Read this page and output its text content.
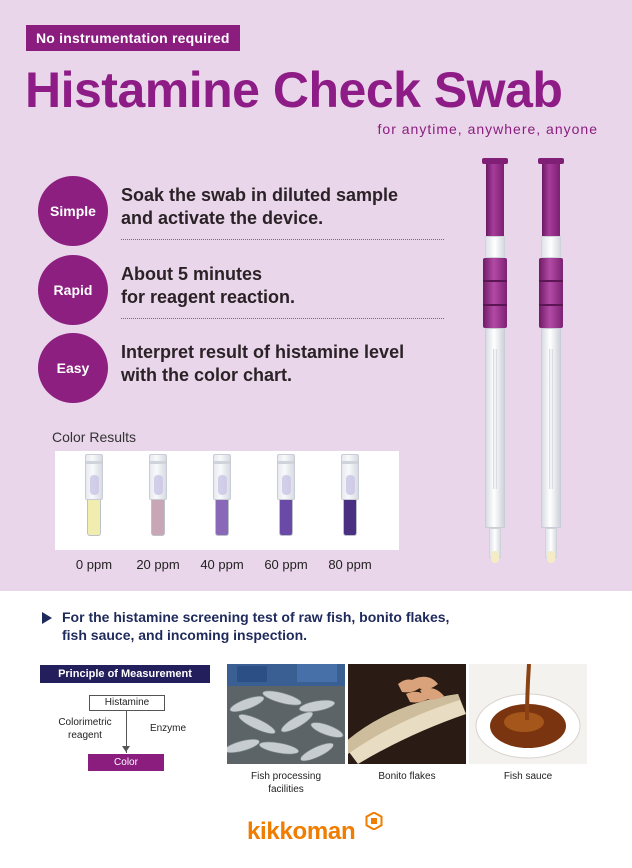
No instrumentation required
Histamine Check Swab
for anytime, anywhere, anyone
Simple
Soak the swab in diluted sample
and activate the device.
Rapid
About 5 minutes
for reagent reaction.
Easy
Interpret result of histamine level
with the color chart.
Color Results
0 ppm	20 ppm	40 ppm	60 ppm	80 ppm
For the histamine screening test of raw fish, bonito flakes,
fish sauce, and incoming inspection.
Principle of Measurement
Histamine
Colorimetric
reagent
Enzyme
Color
Fish processing
facilities
Bonito flakes	Fish sauce
kikkoman
